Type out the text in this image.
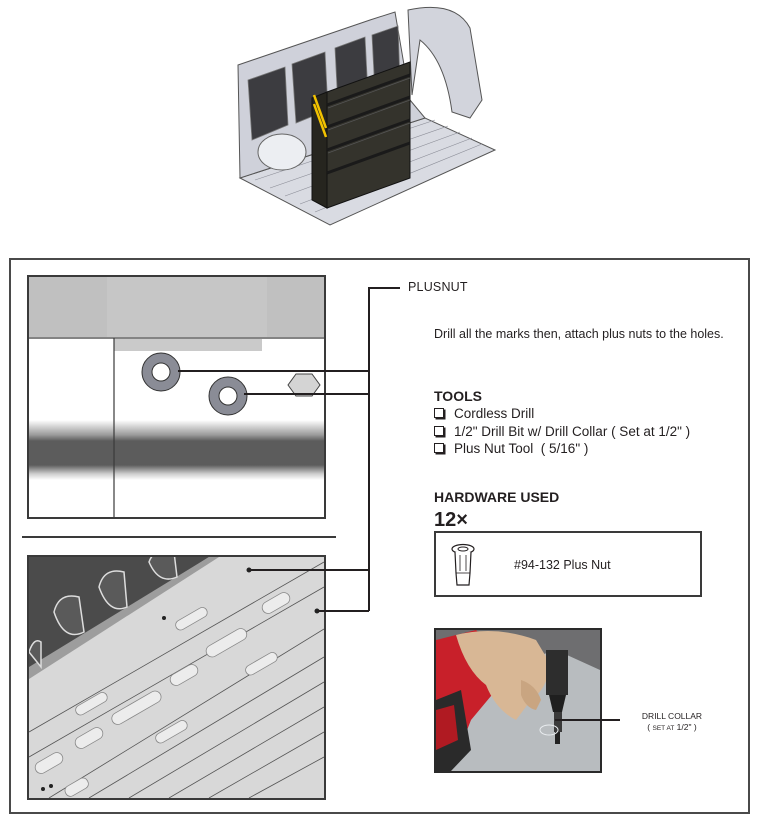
PLUSNUT
Drill all the marks then, attach plus nuts to the holes.
TOOLS
Cordless Drill
1/2" Drill Bit w/ Drill Collar ( Set at 1/2" )
Plus Nut Tool  ( 5/16" )
HARDWARE USED
12×
#94-132 Plus Nut
DRILL COLLAR
( SET AT 1/2" )
